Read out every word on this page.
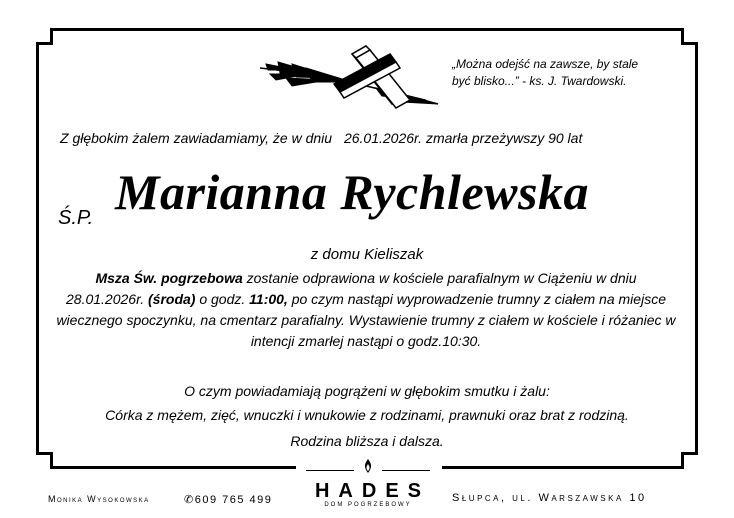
„Można odejść na zawsze, by stale
być blisko...” - ks. J. Twardowski.
Z głębokim żalem zawiadamiamy, że w dniu 26.01.2026r. zmarła przeżywszy 90 lat
Ś.P. Marianna Rychlewska
z domu Kieliszak
Msza Św. pogrzebowa zostanie odprawiona w kościele parafialnym w Ciążeniu w dniu 28.01.2026r. (środa) o godz. 11:00, po czym nastąpi wyprowadzenie trumny z ciałem na miejsce wiecznego spoczynku, na cmentarz parafialny. Wystawienie trumny z ciałem w kościele i różaniec w intencji zmarłej nastąpi o godz.10:30.
O czym powiadamiają pogrążeni w głębokim smutku i żalu:
Córka z mężem, zięć, wnuczki i wnukowie z rodzinami, prawnuki oraz brat z rodziną.
Rodzina bliższa i dalsza.
Monika Wysokowska	✆609 765 499	Słupca, ul. Warszawska 10
HADES
DOM POGRZEBOWY
